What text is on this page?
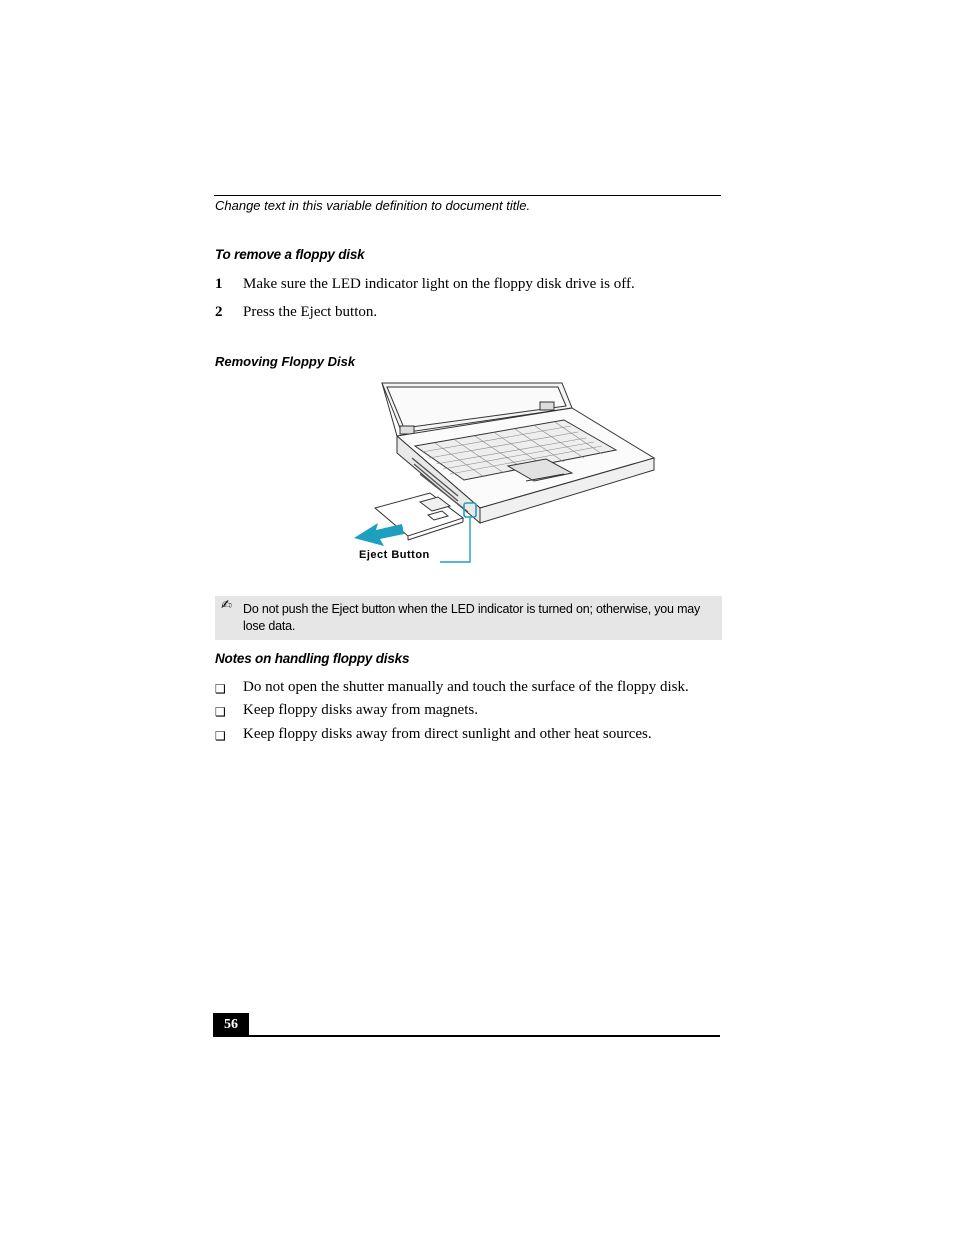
Change text in this variable definition to document title.
To remove a floppy disk
1 Make sure the LED indicator light on the floppy disk drive is off.
2 Press the Eject button.
Removing Floppy Disk
Eject Button
✍ Do not push the Eject button when the LED indicator is turned on; otherwise, you may lose data.
Notes on handling floppy disks
❑ Do not open the shutter manually and touch the surface of the floppy disk.
❑ Keep floppy disks away from magnets.
❑ Keep floppy disks away from direct sunlight and other heat sources.
56
